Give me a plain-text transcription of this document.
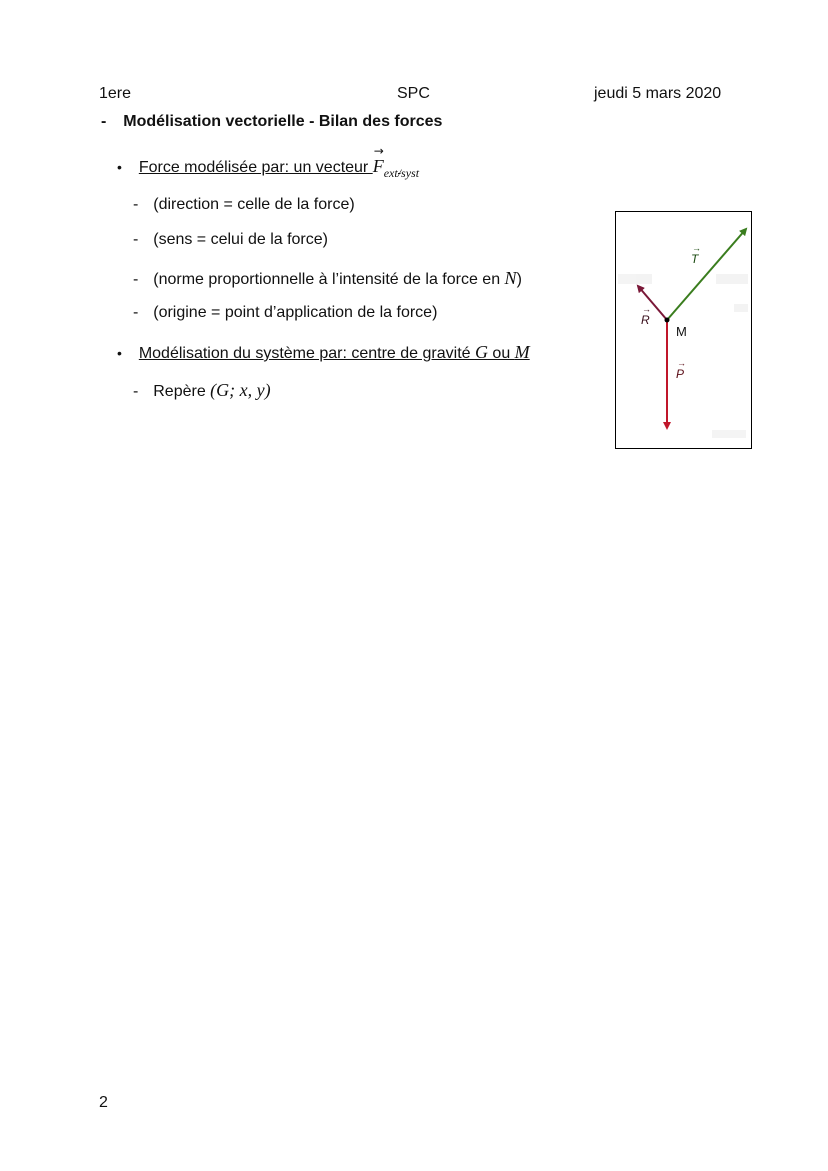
1ere	SPC	jeudi 5 mars 2020
- Modélisation vectorielle - Bilan des forces
• Force modélisée par: un vecteur
→
$F_{ext/syst}$
- (direction = celle de la force)
- (sens = celui de la force)
- (norme proportionnelle à l’intensité de la force en N)
- (origine = point d’application de la force)
• Modélisation du système par: centre de gravité G ou M
- Repère (G; x, y)
→
T
→
R
M
→
P
2
